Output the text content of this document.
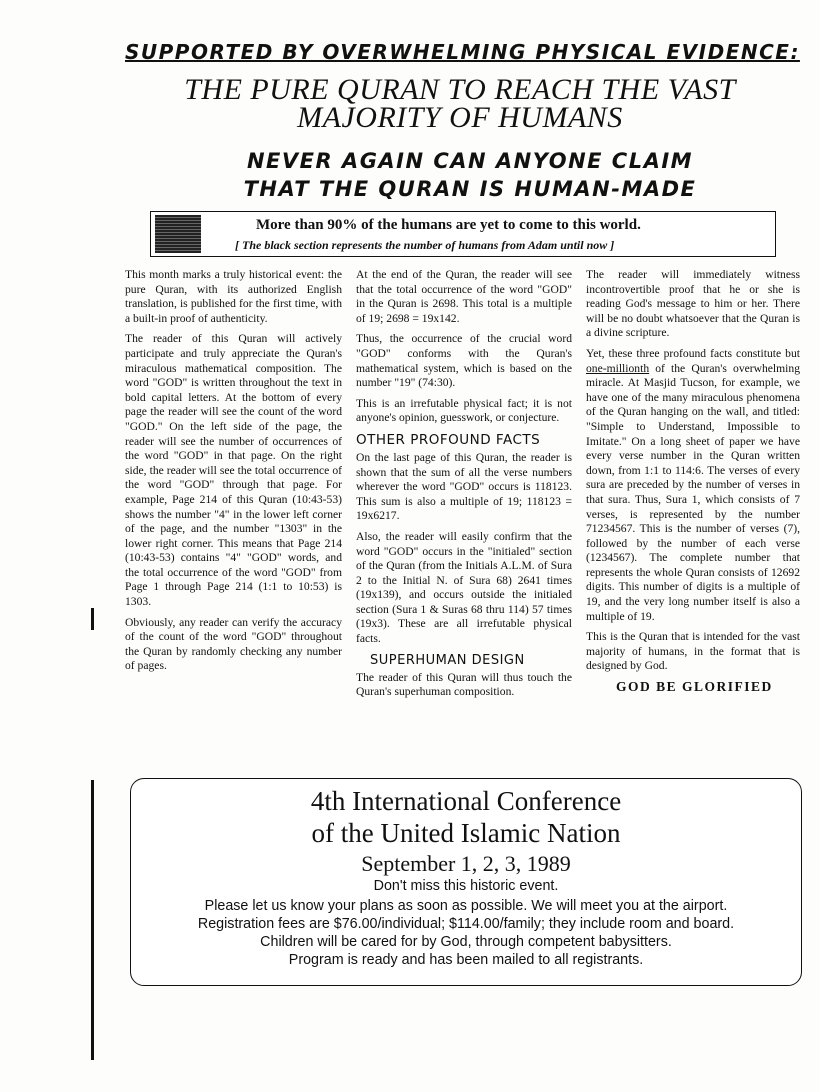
SUPPORTED BY OVERWHELMING PHYSICAL EVIDENCE:
THE PURE QURAN TO REACH THE VAST
MAJORITY OF HUMANS
NEVER AGAIN CAN ANYONE CLAIM
THAT THE QURAN IS HUMAN-MADE
More than 90% of the humans are yet to come to this world.
[ The black section represents the number of humans from Adam until now ]

This month marks a truly historical event: the pure Quran, with its authorized English translation, is published for the first time, with a built-in proof of authenticity.

The reader of this Quran will actively participate and truly appreciate the Quran's miraculous mathematical composition. The word "GOD" is written throughout the text in bold capital letters. At the bottom of every page the reader will see the count of the word "GOD." On the left side of the page, the reader will see the number of occurrences of the word "GOD" in that page. On the right side, the reader will see the total occurrence of the word "GOD" through that page. For example, Page 214 of this Quran (10:43-53) shows the number "4" in the lower left corner of the page, and the number "1303" in the lower right corner. This means that Page 214 (10:43-53) contains "4" "GOD" words, and the total occurrence of the word "GOD" from Page 1 through Page 214 (1:1 to 10:53) is 1303.

Obviously, any reader can verify the accuracy of the count of the word "GOD" throughout the Quran by randomly checking any number of pages.

At the end of the Quran, the reader will see that the total occurrence of the word "GOD" in the Quran is 2698. This total is a multiple of 19; 2698 = 19x142.

Thus, the occurrence of the crucial word "GOD" conforms with the Quran's mathematical system, which is based on the number "19" (74:30).

This is an irrefutable physical fact; it is not anyone's opinion, guesswork, or conjecture.

OTHER PROFOUND FACTS

On the last page of this Quran, the reader is shown that the sum of all the verse numbers wherever the word "GOD" occurs is 118123. This sum is also a multiple of 19; 118123 = 19x6217.

Also, the reader will easily confirm that the word "GOD" occurs in the "initialed" section of the Quran (from the Initials A.L.M. of Sura 2 to the Initial N. of Sura 68) 2641 times (19x139), and occurs outside the initialed section (Sura 1 & Suras 68 thru 114) 57 times (19x3). These are all irrefutable physical facts.

SUPERHUMAN DESIGN

The reader of this Quran will thus touch the Quran's superhuman composition.

The reader will immediately witness incontrovertible proof that he or she is reading God's message to him or her. There will be no doubt whatsoever that the Quran is a divine scripture.

Yet, these three profound facts constitute but one-millionth of the Quran's overwhelming miracle. At Masjid Tucson, for example, we have one of the many miraculous phenomena of the Quran hanging on the wall, and titled: "Simple to Understand, Impossible to Imitate." On a long sheet of paper we have every verse number in the Quran written down, from 1:1 to 114:6. The verses of every sura are preceded by the number of verses in that sura. Thus, Sura 1, which consists of 7 verses, is represented by the number 71234567. This is the number of verses (7), followed by the number of each verse (1234567). The complete number that represents the whole Quran consists of 12692 digits. This number of digits is a multiple of 19, and the very long number itself is also a multiple of 19.

This is the Quran that is intended for the vast majority of humans, in the format that is designed by God.

GOD BE GLORIFIED
4th International Conference
of the United Islamic Nation
September 1, 2, 3, 1989
Don't miss this historic event.
Please let us know your plans as soon as possible. We will meet you at the airport.
Registration fees are $76.00/individual; $114.00/family; they include room and board.
Children will be cared for by God, through competent babysitters.
Program is ready and has been mailed to all registrants.
